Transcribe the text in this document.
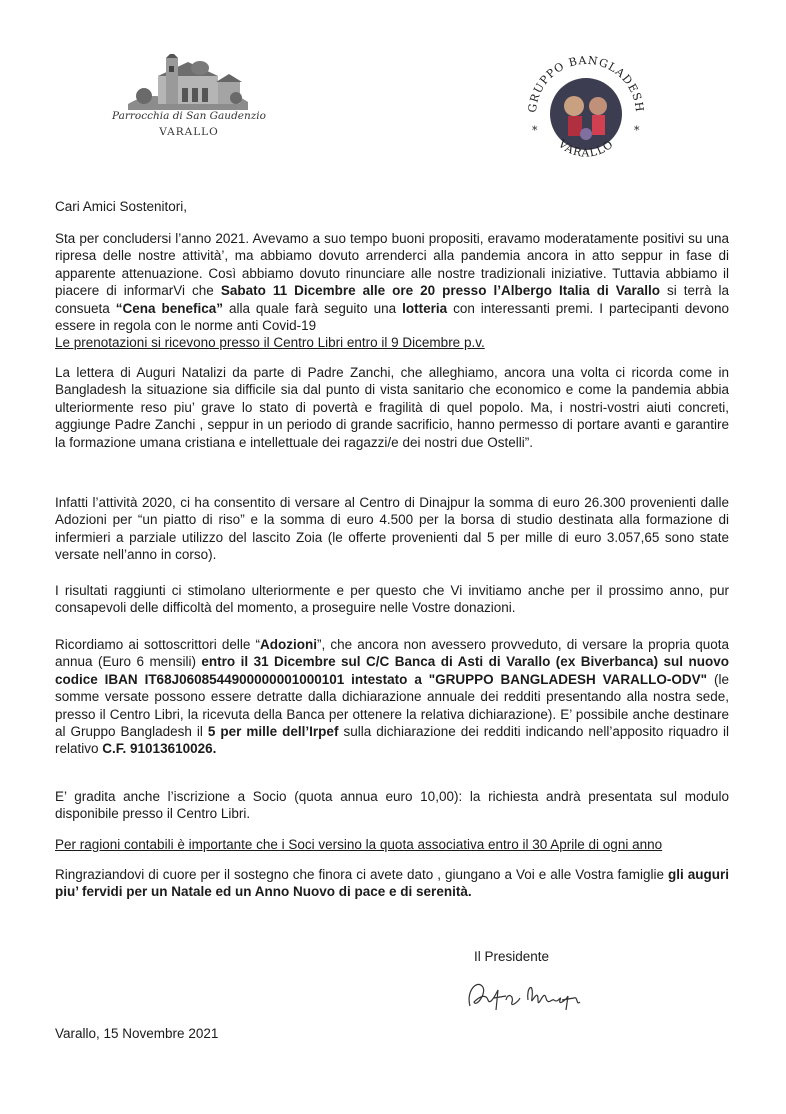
Parrocchia di San Gaudenzio
VARALLO
GRUPPO BANGLADESH
*	*
VARALLO

Cari Amici Sostenitori,

Sta per concludersi l’anno 2021. Avevamo a suo tempo buoni propositi, eravamo moderatamente positivi su una ripresa delle nostre attività’, ma abbiamo dovuto arrenderci alla pandemia ancora in atto seppur in fase di apparente attenuazione. Così abbiamo dovuto rinunciare alle nostre tradizionali iniziative. Tuttavia abbiamo il piacere di informarVi che Sabato 11 Dicembre alle ore 20 presso l’Albergo Italia di Varallo si terrà la consueta “Cena benefica” alla quale farà seguito una lotteria con interessanti premi. I partecipanti devono essere in regola con le norme anti Covid-19
Le prenotazioni si ricevono presso il Centro Libri entro il 9 Dicembre p.v.

La lettera di Auguri Natalizi da parte di Padre Zanchi, che alleghiamo, ancora una volta ci ricorda come in Bangladesh la situazione sia difficile sia dal punto di vista sanitario che economico e come la pandemia abbia ulteriormente reso piu’ grave lo stato di povertà e fragilità di quel popolo. Ma, i nostri-vostri aiuti concreti, aggiunge Padre Zanchi , seppur in un periodo di grande sacrificio, hanno permesso di portare avanti e garantire la formazione umana cristiana e intellettuale dei ragazzi/e dei nostri due Ostelli”.

Infatti l’attività 2020, ci ha consentito di versare al Centro di Dinajpur la somma di euro 26.300 provenienti dalle Adozioni per “un piatto di riso” e la somma di euro 4.500 per la borsa di studio destinata alla formazione di infermieri a parziale utilizzo del lascito Zoia (le offerte provenienti dal 5 per mille di euro 3.057,65 sono state versate nell’anno in corso).

I risultati raggiunti ci stimolano ulteriormente e per questo che Vi invitiamo anche per il prossimo anno, pur consapevoli delle difficoltà del momento, a proseguire nelle Vostre donazioni.

Ricordiamo ai sottoscrittori delle “Adozioni”, che ancora non avessero provveduto, di versare la propria quota annua (Euro 6 mensili) entro il 31 Dicembre sul C/C Banca di Asti di Varallo (ex Biverbanca) sul nuovo codice IBAN IT68J0608544900000001000101 intestato a "GRUPPO BANGLADESH VARALLO-ODV" (le somme versate possono essere detratte dalla dichiarazione annuale dei redditi presentando alla nostra sede, presso il Centro Libri, la ricevuta della Banca per ottenere la relativa dichiarazione). E’ possibile anche destinare al Gruppo Bangladesh il 5 per mille dell’Irpef sulla dichiarazione dei redditi indicando nell’apposito riquadro il relativo C.F. 91013610026.

E’ gradita anche l’iscrizione a Socio (quota annua euro 10,00): la richiesta andrà presentata sul modulo disponibile presso il Centro Libri.

Per ragioni contabili è importante che i Soci versino la quota associativa entro il 30 Aprile di ogni anno

Ringraziandovi di cuore per il sostegno che finora ci avete dato , giungano a Voi e alle Vostra famiglie gli auguri piu’ fervidi per un Natale ed un Anno Nuovo di pace e di serenità.

Il Presidente

Varallo, 15 Novembre 2021
